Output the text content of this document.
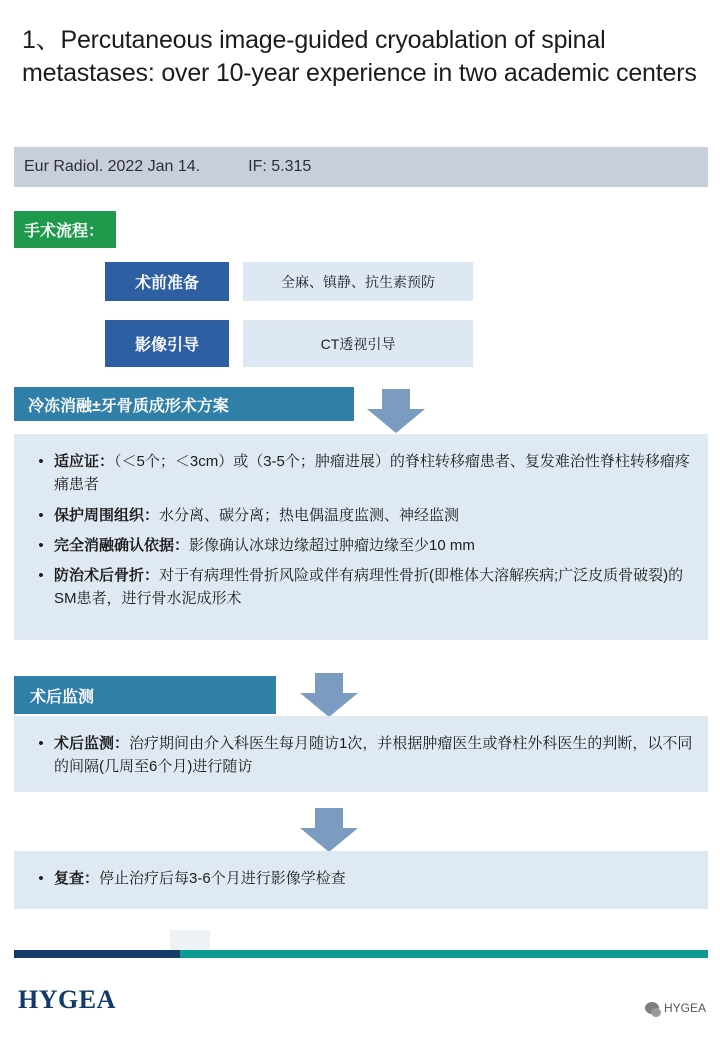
1、Percutaneous image-guided cryoablation of spinal metastases: over 10-year experience in two academic centers
Eur Radiol. 2022 Jan 14.	IF: 5.315
手术流程：
术前准备	全麻、镇静、抗生素预防
影像引导	CT透视引导
冷冻消融±牙骨质成形术方案
• 适应证：（＜5个；＜3cm）或（3-5个；肿瘤进展）的脊柱转移瘤患者、复发难治性脊柱转移瘤疼痛患者
• 保护周围组织：水分离、碳分离；热电偶温度监测、神经监测
• 完全消融确认依据：影像确认冰球边缘超过肿瘤边缘至少10 mm
• 防治术后骨折：对于有病理性骨折风险或伴有病理性骨折(即椎体大溶解疾病;广泛皮质骨破裂)的SM患者，进行骨水泥成形术
术后监测
• 术后监测：治疗期间由介入科医生每月随访1次，并根据肿瘤医生或脊柱外科医生的判断，以不同的间隔(几周至6个月)进行随访
• 复查：停止治疗后每3-6个月进行影像学检查
HYGEA	HYGEA
